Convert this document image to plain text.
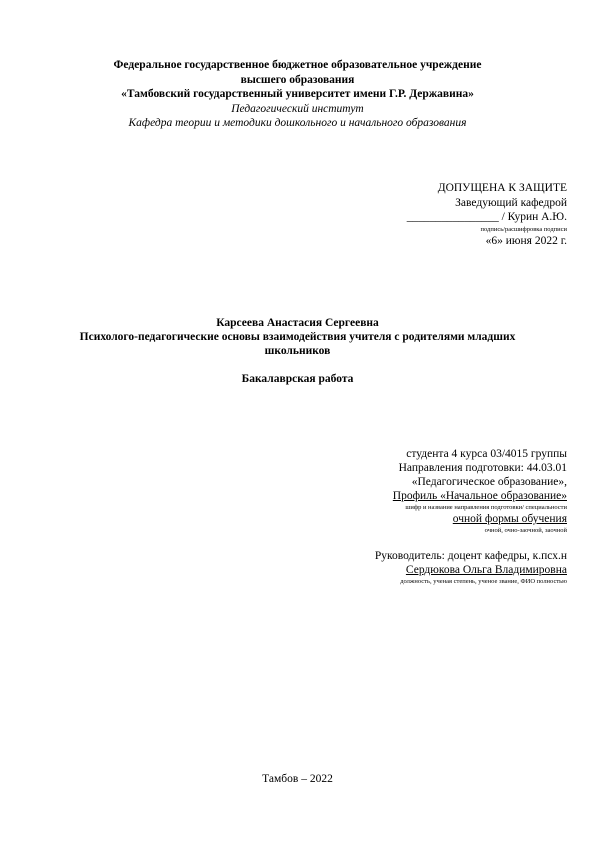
Федеральное государственное бюджетное образовательное учреждение
высшего образования
«Тамбовский государственный университет имени Г.Р. Державина»
Педагогический институт
Кафедра теории и методики дошкольного и начального образования
ДОПУЩЕНА К ЗАЩИТЕ
Заведующий кафедрой
________________ / Курин А.Ю.
подпись/расшифровка подписи
«6» июня 2022 г.
Карсеева Анастасия Сергеевна
Психолого-педагогические основы взаимодействия учителя с родителями младших
школьников
Бакалаврская работа
студента 4 курса 03/4015 группы
Направления подготовки: 44.03.01
«Педагогическое образование»,
Профиль «Начальное образование»
шифр и название направления подготовки/ специальности
очной формы обучения
очной, очно-заочной, заочной
Руководитель: доцент кафедры, к.псх.н
Сердюкова Ольга Владимировна
должность, ученая степень, ученое звание, ФИО полностью
Тамбов – 2022
